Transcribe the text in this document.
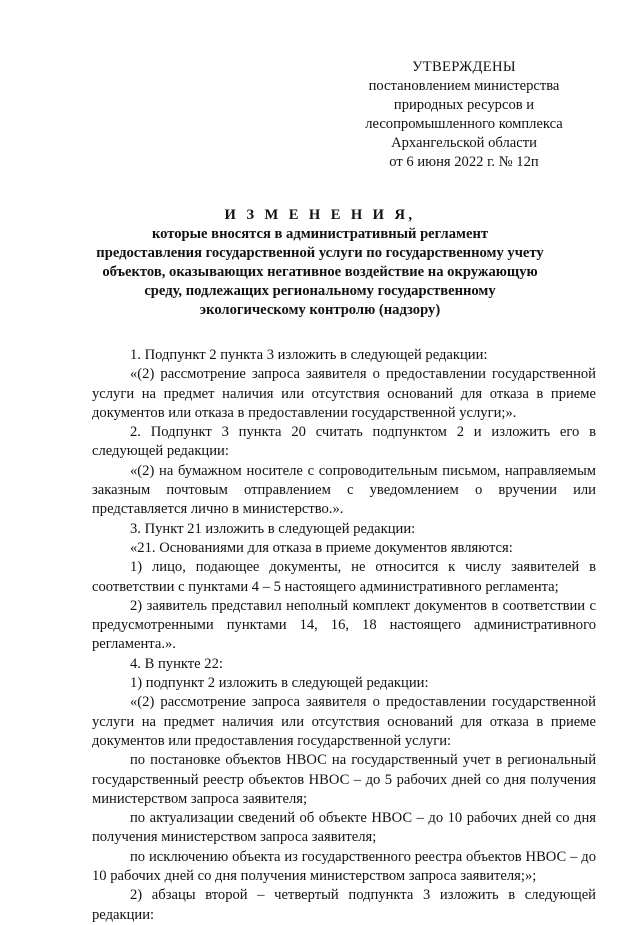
УТВЕРЖДЕНЫ
постановлением министерства
природных ресурсов и
лесопромышленного комплекса
Архангельской области
от 6 июня 2022 г. № 12п
И З М Е Н Е Н И Я,
которые вносятся в административный регламент
предоставления государственной услуги по государственному учету
объектов, оказывающих негативное воздействие на окружающую
среду, подлежащих региональному государственному
экологическому контролю (надзору)

1. Подпункт 2 пункта 3 изложить в следующей редакции:

«(2) рассмотрение запроса заявителя о предоставлении государственной услуги на предмет наличия или отсутствия оснований для отказа в приеме документов или отказа в предоставлении государственной услуги;».

2. Подпункт 3 пункта 20 считать подпунктом 2 и изложить его в следующей редакции:

«(2) на бумажном носителе с сопроводительным письмом, направляемым заказным почтовым отправлением с уведомлением о вручении или представляется лично в министерство.».

3. Пункт 21 изложить в следующей редакции:

«21. Основаниями для отказа в приеме документов являются:

1) лицо, подающее документы, не относится к числу заявителей в соответствии с пунктами 4 – 5 настоящего административного регламента;

2) заявитель представил неполный комплект документов в соответствии с предусмотренными пунктами 14, 16, 18 настоящего административного регламента.».

4. В пункте 22:

1) подпункт 2 изложить в следующей редакции:

«(2) рассмотрение запроса заявителя о предоставлении государственной услуги на предмет наличия или отсутствия оснований для отказа в приеме документов или предоставления государственной услуги:

по постановке объектов НВОС на государственный учет в региональный государственный реестр объектов НВОС – до 5 рабочих дней со дня получения министерством запроса заявителя;

по актуализации сведений об объекте НВОС – до 10 рабочих дней со дня получения министерством запроса заявителя;

по исключению объекта из государственного реестра объектов НВОС – до 10 рабочих дней со дня получения министерством запроса заявителя;»;

2) абзацы второй – четвертый подпункта 3 изложить в следующей редакции:
